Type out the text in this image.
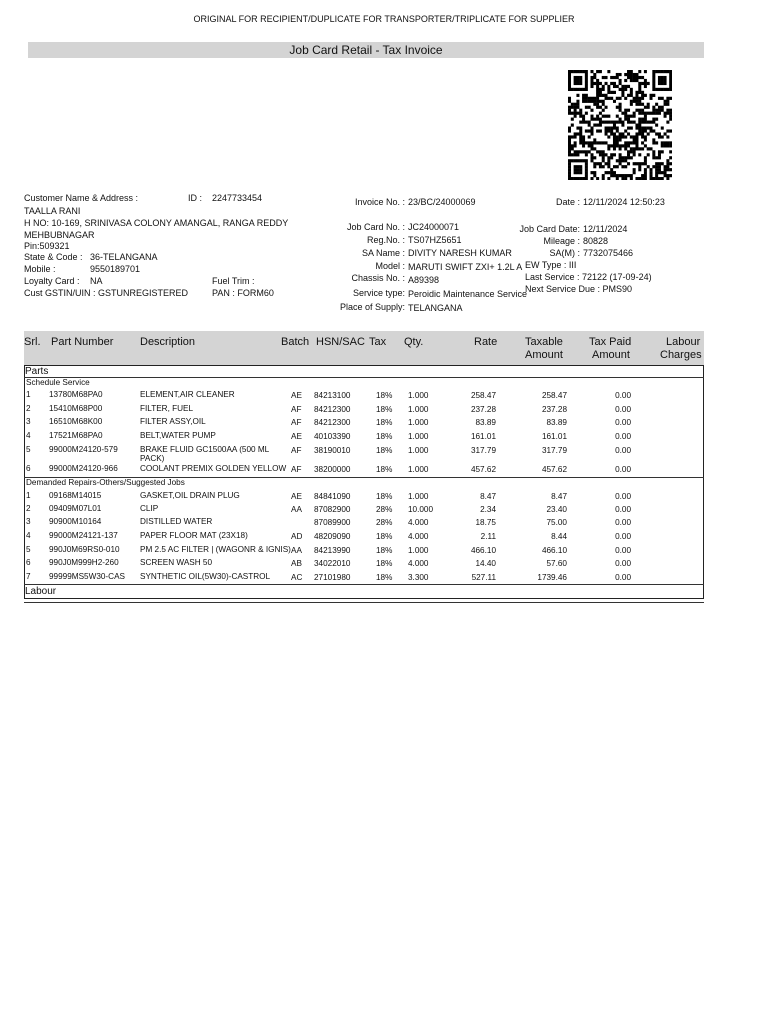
ORIGINAL FOR RECIPIENT/DUPLICATE FOR TRANSPORTER/TRIPLICATE FOR SUPPLIER
Job Card Retail - Tax Invoice
Customer Name & Address :	ID : 2247733454
TAALLA RANI
H NO: 10-169, SRINIVASA COLONY AMANGAL, RANGA REDDY
MEHBUBNAGAR
Pin:509321
State & Code : 36-TELANGANA
Mobile :	9550189701
Loyalty Card : NA	Fuel Trim :
Cust GSTIN/UIN : GSTUNREGISTERED	PAN : FORM60
Invoice No. : 23/BC/24000069	Date : 12/11/2024 12:50:23
Job Card No. : JC24000071	Job Card Date: 12/11/2024
Reg.No. : TS07HZ5651	Mileage : 80828
SA Name : DIVITY NARESH KUMAR	SA(M) : 7732075466
Model : MARUTI SWIFT ZXI+ 1.2L A EW Type : III
Chassis No. : A89398	Last Service : 72122 (17-09-24)
Service type: Peroidic Maintenance Service
Next Service Due : PMS90
Place of Supply: TELANGANA
Srl. Part Number Description	Batch HSN/SAC Tax Qty.	Rate	Taxable
Amount
Tax Paid
Amount
Labour
Charges
Parts
Schedule Service
1 13780M68PA0	ELEMENT,AIR CLEANER	AE 84213100	18% 1.000	258.47	258.47	0.00
2 15410M68P00	FILTER, FUEL	AF 84212300	18% 1.000	237.28	237.28	0.00
3 16510M68K00	FILTER ASSY,OIL	AF 84212300	18% 1.000	83.89	83.89	0.00
4 17521M68PA0	BELT,WATER PUMP	AE 40103390	18% 1.000	161.01	161.01	0.00
5 99000M24120-579	BRAKE FLUID GC1500AA (500 ML	AF 38190010	18% 1.000	317.79	317.79	0.00
PACK)
6 99000M24120-966	COOLANT PREMIX GOLDEN YELLOW AF 38200000	18% 1.000	457.62	457.62	0.00
Demanded Repairs-Others/Suggested Jobs
1 09168M14015	GASKET,OIL DRAIN PLUG	AE 84841090	18% 1.000	8.47	8.47	0.00
2 09409M07L01	CLIP	AA 87082900	28% 10.000	2.34	23.40	0.00
3 90900M10164	DISTILLED WATER	87089900	28% 4.000	18.75	75.00	0.00
4 99000M24121-137	PAPER FLOOR MAT (23X18)	AD 48209090	18% 4.000	2.11	8.44	0.00
5 990J0M69RS0-010 PM 2.5 AC FILTER | (WAGONR & IGNIS) AA 84213990	18% 1.000	466.10	466.10	0.00
6 990J0M999H2-260	SCREEN WASH 50	AB 34022010	18% 4.000	14.40	57.60	0.00
7 99999MS5W30-CAS SYNTHETIC OIL(5W30)-CASTROL	AC 27101980	18% 3.300	527.11	1739.46	0.00
Labour
